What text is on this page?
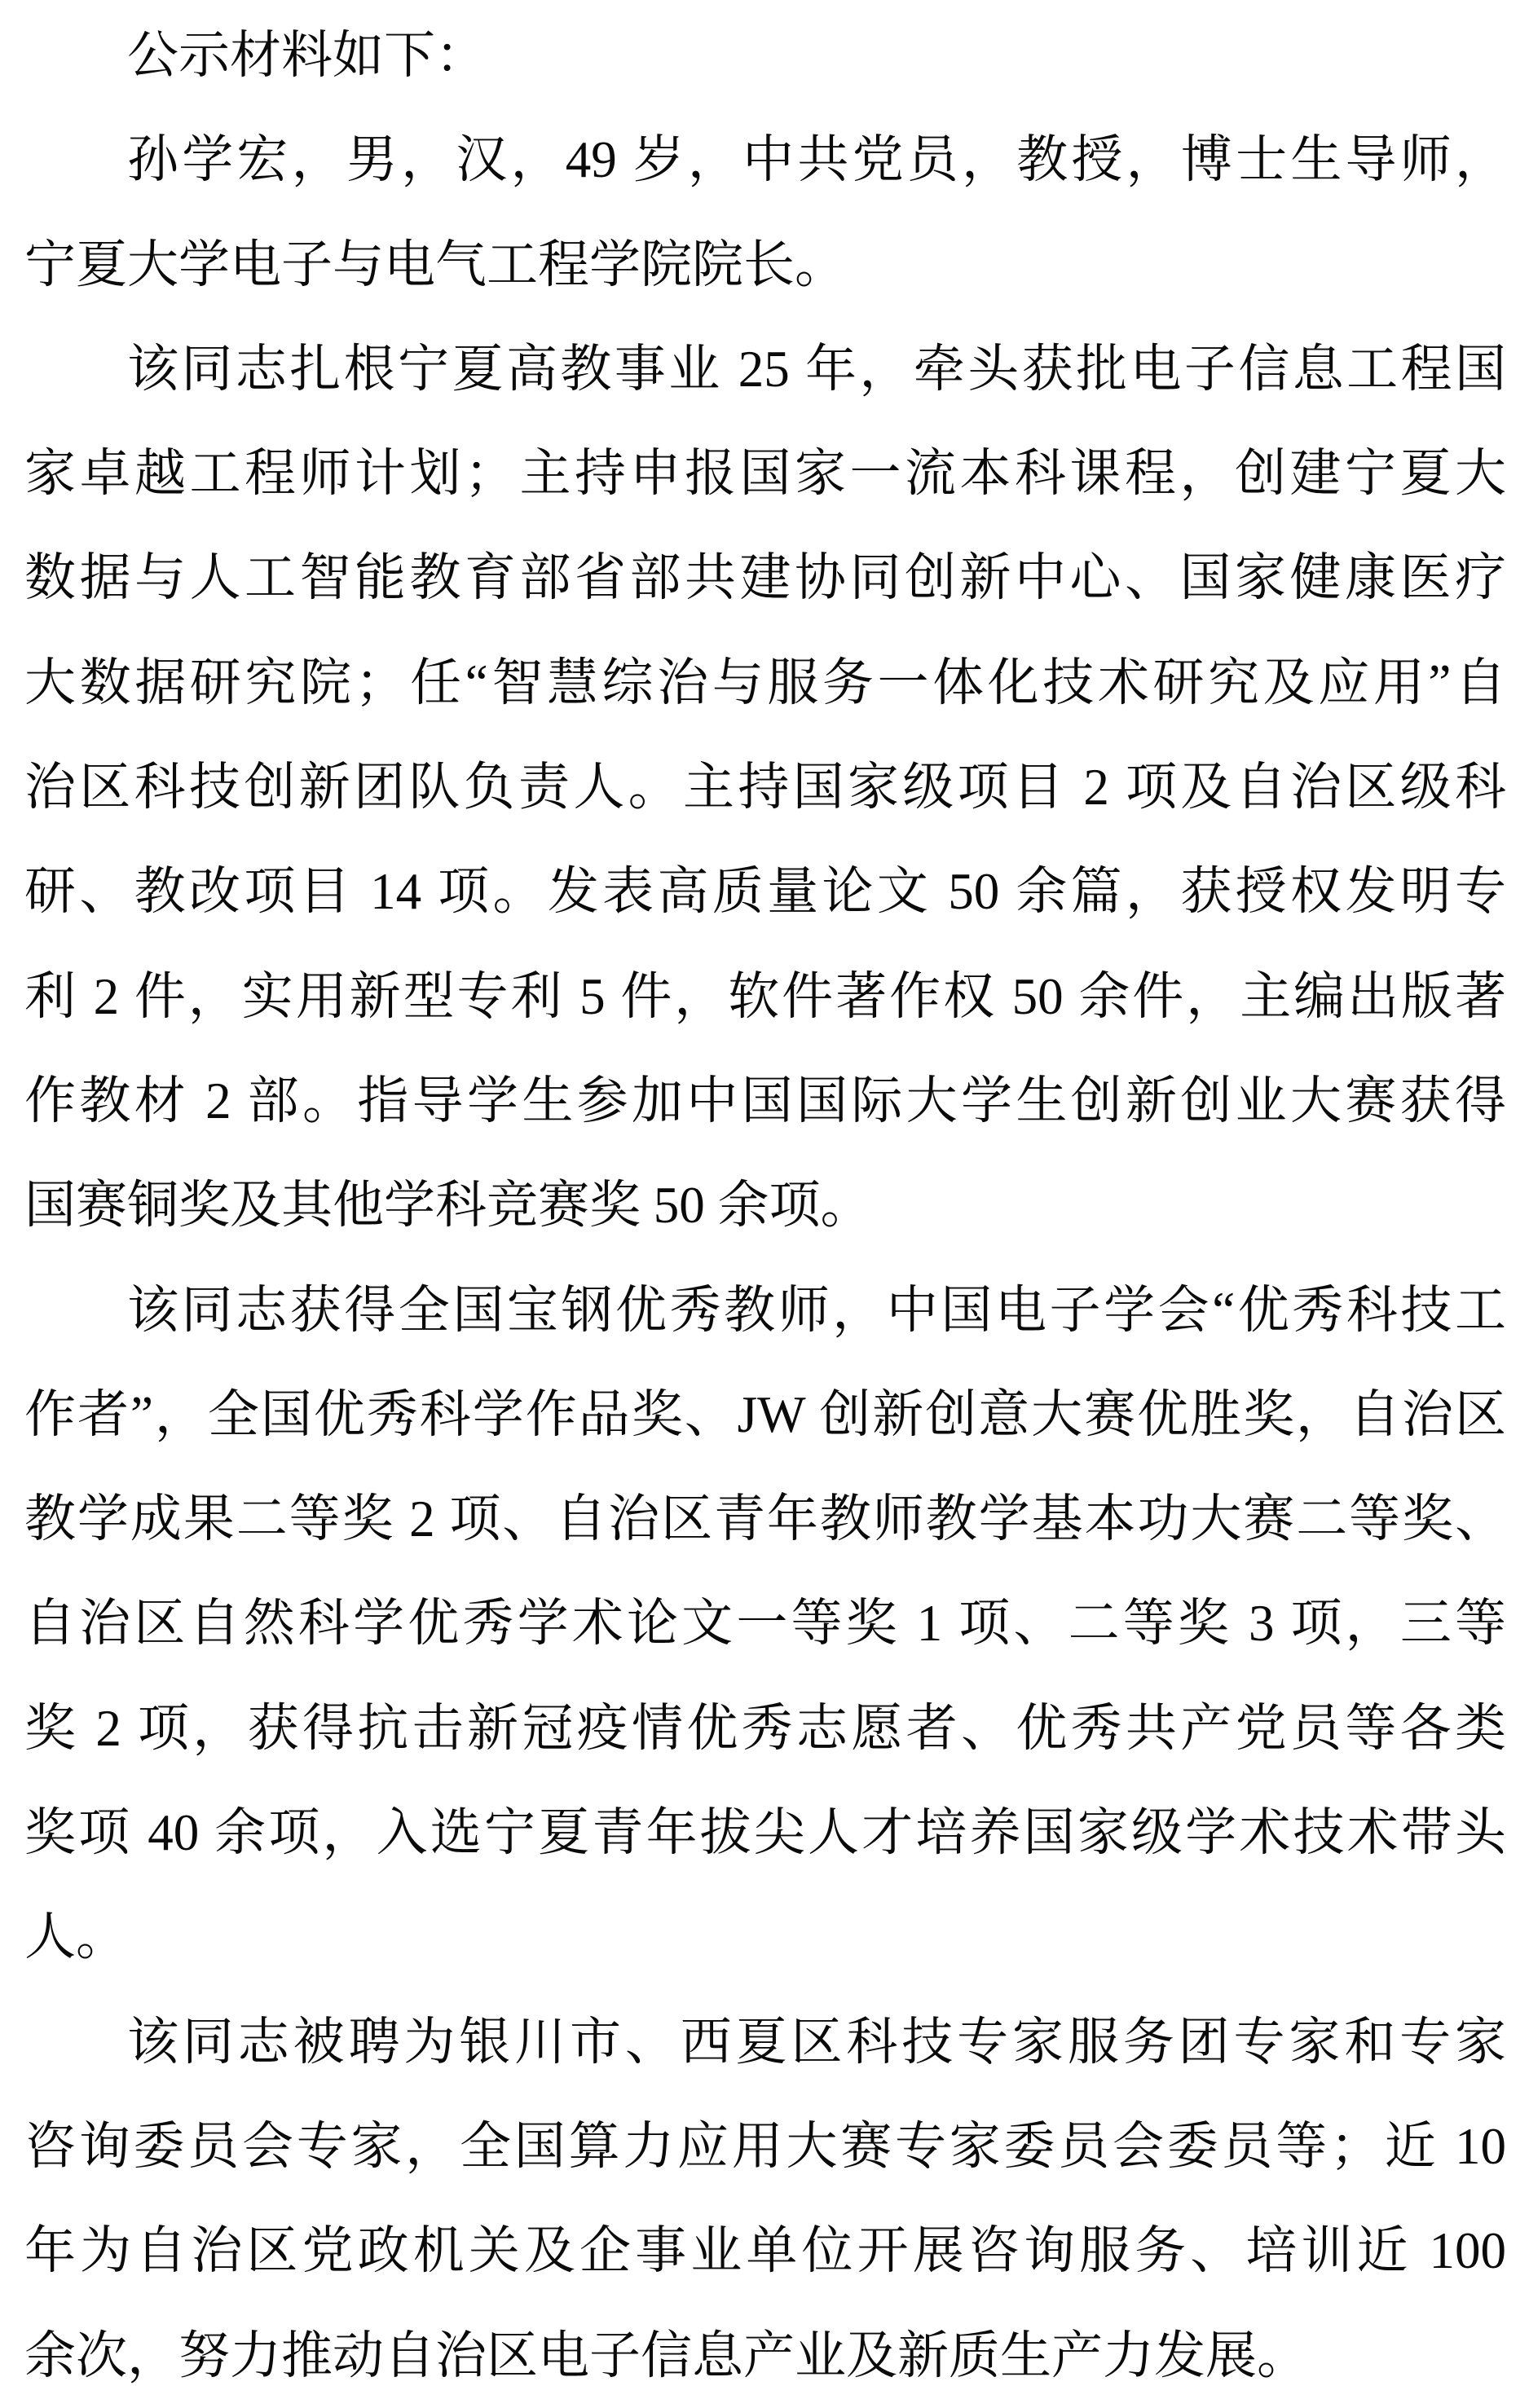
公示材料如下：
孙学宏，男，汉，49 岁，中共党员，教授，博士生导师，
宁夏大学电子与电气工程学院院长。
该同志扎根宁夏高教事业 25 年，牵头获批电子信息工程国
家卓越工程师计划；主持申报国家一流本科课程，创建宁夏大
数据与人工智能教育部省部共建协同创新中心、国家健康医疗
大数据研究院；任“智慧综治与服务一体化技术研究及应用”自
治区科技创新团队负责人。主持国家级项目 2 项及自治区级科
研、教改项目 14 项。发表高质量论文 50 余篇，获授权发明专
利 2 件，实用新型专利 5 件，软件著作权 50 余件，主编出版著
作教材 2 部。指导学生参加中国国际大学生创新创业大赛获得
国赛铜奖及其他学科竞赛奖 50 余项。
该同志获得全国宝钢优秀教师，中国电子学会“优秀科技工
作者”，全国优秀科学作品奖、JW 创新创意大赛优胜奖，自治区
教学成果二等奖 2 项、自治区青年教师教学基本功大赛二等奖、
自治区自然科学优秀学术论文一等奖 1 项、二等奖 3 项，三等
奖 2 项，获得抗击新冠疫情优秀志愿者、优秀共产党员等各类
奖项 40 余项，入选宁夏青年拔尖人才培养国家级学术技术带头
人。
该同志被聘为银川市、西夏区科技专家服务团专家和专家
咨询委员会专家，全国算力应用大赛专家委员会委员等；近 10
年为自治区党政机关及企事业单位开展咨询服务、培训近 100
余次，努力推动自治区电子信息产业及新质生产力发展。
